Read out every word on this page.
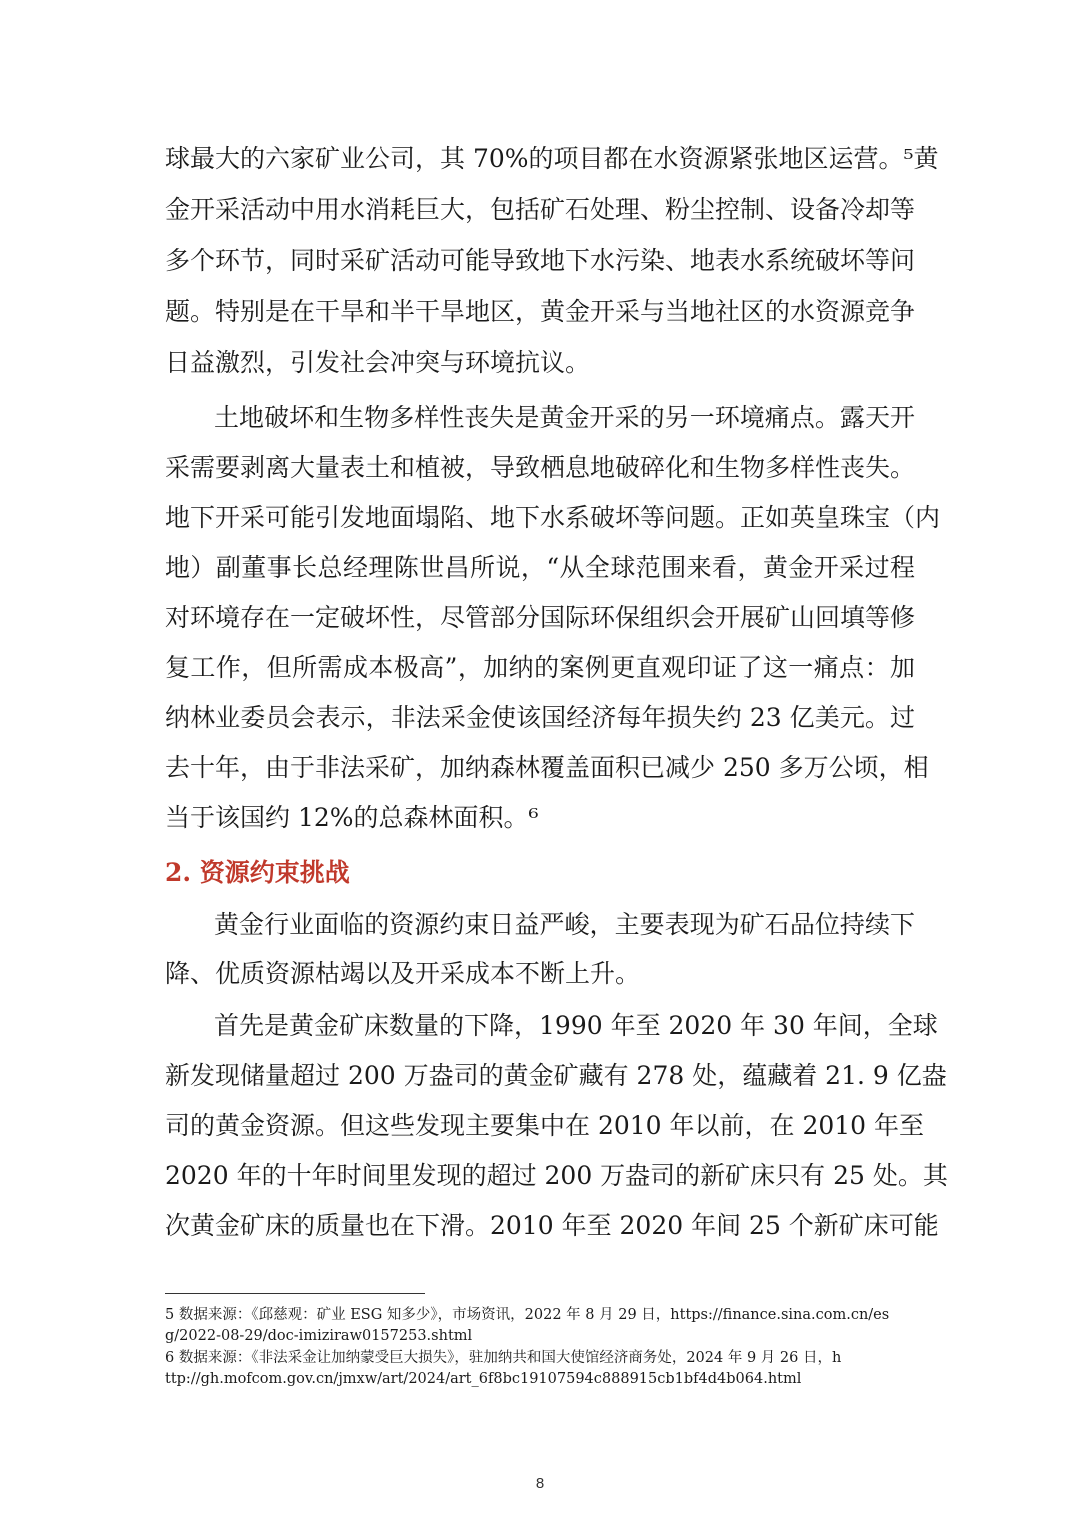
球最大的六家矿业公司，其 70%的项目都在水资源紧张地区运营。⁵黄
金开采活动中用水消耗巨大，包括矿石处理、粉尘控制、设备冷却等
多个环节，同时采矿活动可能导致地下水污染、地表水系统破坏等问
题。特别是在干旱和半干旱地区，黄金开采与当地社区的水资源竞争
日益激烈，引发社会冲突与环境抗议。
土地破坏和生物多样性丧失是黄金开采的另一环境痛点。露天开
采需要剥离大量表土和植被，导致栖息地破碎化和生物多样性丧失。
地下开采可能引发地面塌陷、地下水系破坏等问题。正如英皇珠宝（内
地）副董事长总经理陈世昌所说，“从全球范围来看，黄金开采过程
对环境存在一定破坏性，尽管部分国际环保组织会开展矿山回填等修
复工作，但所需成本极高”，加纳的案例更直观印证了这一痛点：加
纳林业委员会表示，非法采金使该国经济每年损失约 23 亿美元。过
去十年，由于非法采矿，加纳森林覆盖面积已减少 250 多万公顷，相
当于该国约 12%的总森林面积。⁶
2. 资源约束挑战
黄金行业面临的资源约束日益严峻，主要表现为矿石品位持续下
降、优质资源枯竭以及开采成本不断上升。
首先是黄金矿床数量的下降，1990 年至 2020 年 30 年间，全球
新发现储量超过 200 万盎司的黄金矿藏有 278 处，蕴藏着 21. 9 亿盎
司的黄金资源。但这些发现主要集中在 2010 年以前，在 2010 年至
2020 年的十年时间里发现的超过 200 万盎司的新矿床只有 25 处。其
次黄金矿床的质量也在下滑。2010 年至 2020 年间 25 个新矿床可能
5 数据来源：《邱慈观：矿业 ESG 知多少》，市场资讯，2022 年 8 月 29 日，https://finance.sina.com.cn/es
g/2022-08-29/doc-imiziraw0157253.shtml
6 数据来源：《非法采金让加纳蒙受巨大损失》，驻加纳共和国大使馆经济商务处，2024 年 9 月 26 日，h
ttp://gh.mofcom.gov.cn/jmxw/art/2024/art_6f8bc19107594c888915cb1bf4d4b064.html
8
